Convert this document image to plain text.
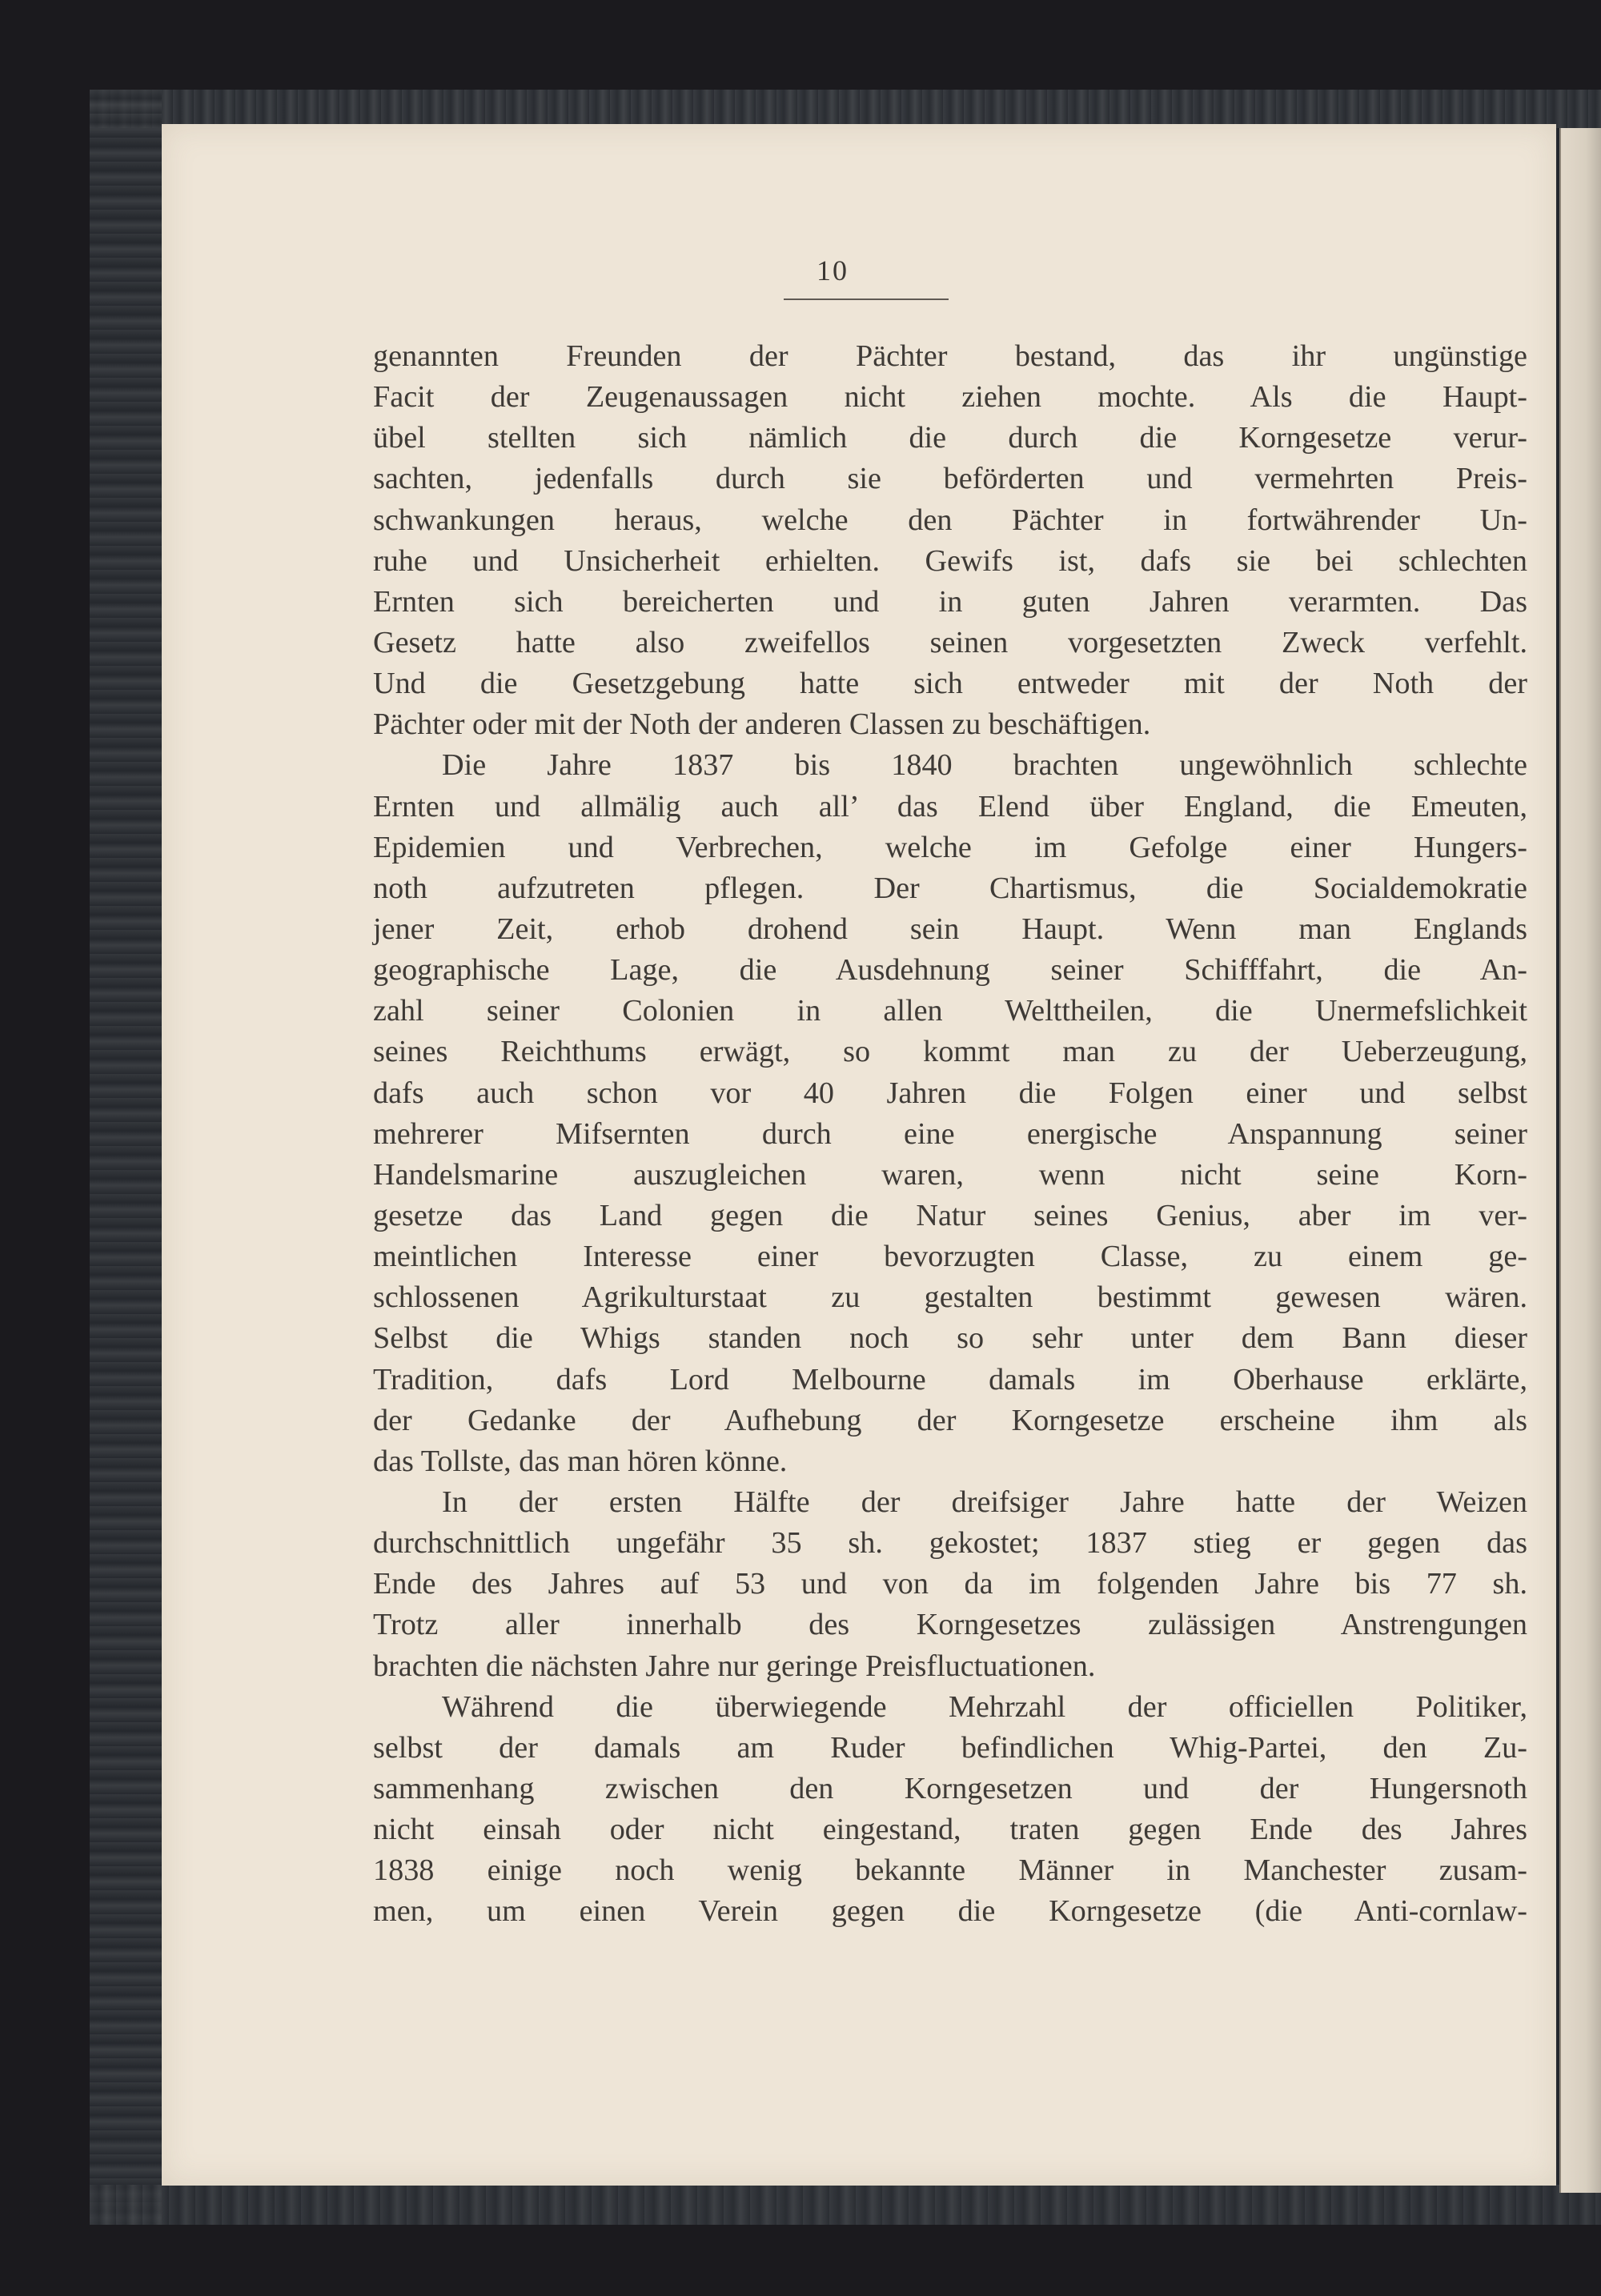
10
genannten Freunden der Pächter bestand, das ihr ungünstige
Facit der Zeugenaussagen nicht ziehen mochte. Als die Haupt-
übel stellten sich nämlich die durch die Korngesetze verur-
sachten, jedenfalls durch sie beförderten und vermehrten Preis-
schwankungen heraus, welche den Pächter in fortwährender Un-
ruhe und Unsicherheit erhielten. Gewifs ist, dafs sie bei schlechten
Ernten sich bereicherten und in guten Jahren verarmten. Das
Gesetz hatte also zweifellos seinen vorgesetzten Zweck verfehlt.
Und die Gesetzgebung hatte sich entweder mit der Noth der
Pächter oder mit der Noth der anderen Classen zu beschäftigen.
Die Jahre 1837 bis 1840 brachten ungewöhnlich schlechte
Ernten und allmälig auch all’ das Elend über England, die Emeuten,
Epidemien und Verbrechen, welche im Gefolge einer Hungers-
noth aufzutreten pflegen. Der Chartismus, die Socialdemokratie
jener Zeit, erhob drohend sein Haupt. Wenn man Englands
geographische Lage, die Ausdehnung seiner Schifffahrt, die An-
zahl seiner Colonien in allen Welttheilen, die Unermefslichkeit
seines Reichthums erwägt, so kommt man zu der Ueberzeugung,
dafs auch schon vor 40 Jahren die Folgen einer und selbst
mehrerer Mifsernten durch eine energische Anspannung seiner
Handelsmarine auszugleichen waren, wenn nicht seine Korn-
gesetze das Land gegen die Natur seines Genius, aber im ver-
meintlichen Interesse einer bevorzugten Classe, zu einem ge-
schlossenen Agrikulturstaat zu gestalten bestimmt gewesen wären.
Selbst die Whigs standen noch so sehr unter dem Bann dieser
Tradition, dafs Lord Melbourne damals im Oberhause erklärte,
der Gedanke der Aufhebung der Korngesetze erscheine ihm als
das Tollste, das man hören könne.
In der ersten Hälfte der dreifsiger Jahre hatte der Weizen
durchschnittlich ungefähr 35 sh. gekostet; 1837 stieg er gegen das
Ende des Jahres auf 53 und von da im folgenden Jahre bis 77 sh.
Trotz aller innerhalb des Korngesetzes zulässigen Anstrengungen
brachten die nächsten Jahre nur geringe Preisfluctuationen.
Während die überwiegende Mehrzahl der officiellen Politiker,
selbst der damals am Ruder befindlichen Whig-Partei, den Zu-
sammenhang zwischen den Korngesetzen und der Hungersnoth
nicht einsah oder nicht eingestand, traten gegen Ende des Jahres
1838 einige noch wenig bekannte Männer in Manchester zusam-
men, um einen Verein gegen die Korngesetze (die Anti-cornlaw-
